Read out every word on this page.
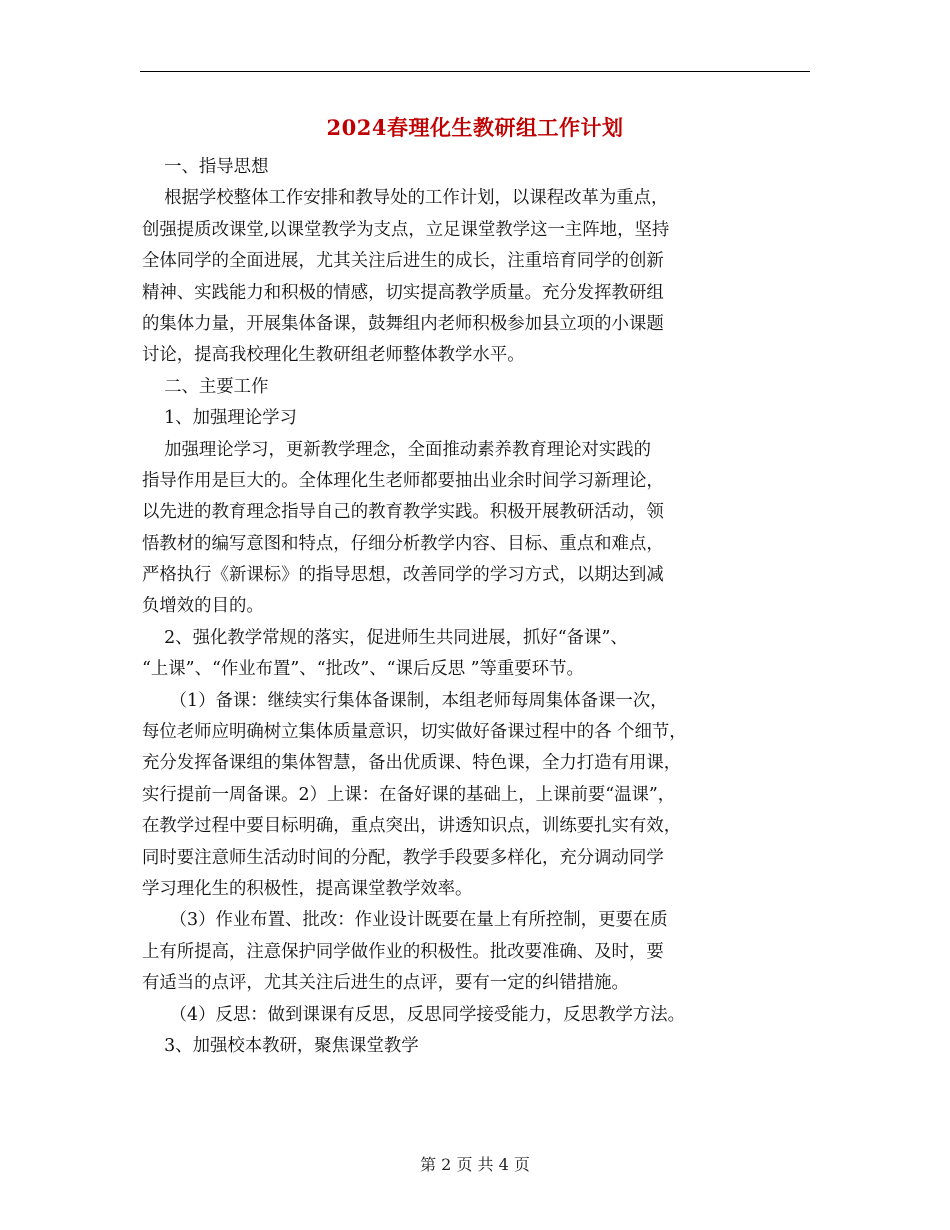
2024春理化生教研组工作计划
一、指导思想
根据学校整体工作安排和教导处的工作计划，以课程改革为重点，
创强提质改课堂,以课堂教学为支点，立足课堂教学这一主阵地，坚持
全体同学的全面进展，尤其关注后进生的成长，注重培育同学的创新
精神、实践能力和积极的情感，切实提高教学质量。充分发挥教研组
的集体力量，开展集体备课，鼓舞组内老师积极参加县立项的小课题
讨论，提高我校理化生教研组老师整体教学水平。
二、主要工作
1、加强理论学习
加强理论学习，更新教学理念，全面推动素养教育理论对实践的
指导作用是巨大的。全体理化生老师都要抽出业余时间学习新理论，
以先进的教育理念指导自己的教育教学实践。积极开展教研活动，领
悟教材的编写意图和特点，仔细分析教学内容、目标、重点和难点，
严格执行《新课标》的指导思想，改善同学的学习方式，以期达到减
负增效的目的。
2、强化教学常规的落实，促进师生共同进展，抓好“备课”、
“上课”、“作业布置”、“批改”、“课后反思 ”等重要环节。
（1）备课：继续实行集体备课制，本组老师每周集体备课一次，
每位老师应明确树立集体质量意识，切实做好备课过程中的各 个细节，
充分发挥备课组的集体智慧，备出优质课、特色课，全力打造有用课，
实行提前一周备课。2）上课：在备好课的基础上，上课前要“温课”，
在教学过程中要目标明确，重点突出，讲透知识点，训练要扎实有效，
同时要注意师生活动时间的分配，教学手段要多样化，充分调动同学
学习理化生的积极性，提高课堂教学效率。
（3）作业布置、批改：作业设计既要在量上有所控制，更要在质
上有所提高，注意保护同学做作业的积极性。批改要准确、及时，要
有适当的点评，尤其关注后进生的点评，要有一定的纠错措施。
（4）反思：做到课课有反思，反思同学接受能力，反思教学方法。
3、加强校本教研，聚焦课堂教学
第 2 页 共 4 页
